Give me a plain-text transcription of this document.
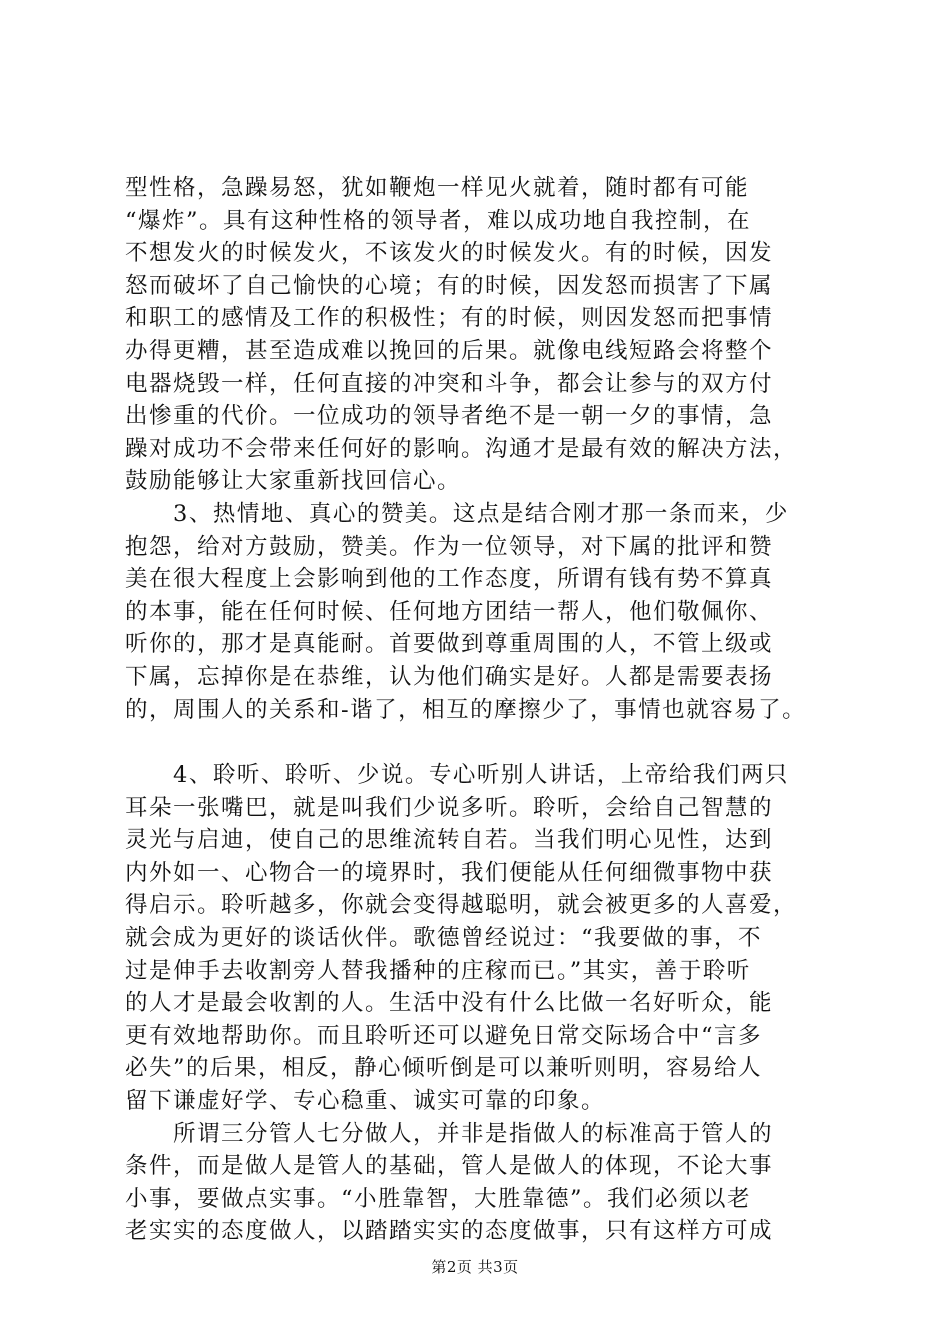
型性格，急躁易怒，犹如鞭炮一样见火就着，随时都有可能
“爆炸”。具有这种性格的领导者，难以成功地自我控制，在
不想发火的时候发火，不该发火的时候发火。有的时候，因发
怒而破坏了自己愉快的心境；有的时候，因发怒而损害了下属
和职工的感情及工作的积极性；有的时候，则因发怒而把事情
办得更糟，甚至造成难以挽回的后果。就像电线短路会将整个
电器烧毁一样，任何直接的冲突和斗争，都会让参与的双方付
出惨重的代价。一位成功的领导者绝不是一朝一夕的事情，急
躁对成功不会带来任何好的影响。沟通才是最有效的解决方法，
鼓励能够让大家重新找回信心。
　　3、热情地、真心的赞美。这点是结合刚才那一条而来，少
抱怨，给对方鼓励，赞美。作为一位领导，对下属的批评和赞
美在很大程度上会影响到他的工作态度，所谓有钱有势不算真
的本事，能在任何时候、任何地方团结一帮人，他们敬佩你、
听你的，那才是真能耐。首要做到尊重周围的人，不管上级或
下属，忘掉你是在恭维，认为他们确实是好。人都是需要表扬
的，周围人的关系和-谐了，相互的摩擦少了，事情也就容易了。
　　4、聆听、聆听、少说。专心听别人讲话，上帝给我们两只
耳朵一张嘴巴，就是叫我们少说多听。聆听，会给自己智慧的
灵光与启迪，使自己的思维流转自若。当我们明心见性，达到
内外如一、心物合一的境界时，我们便能从任何细微事物中获
得启示。聆听越多，你就会变得越聪明，就会被更多的人喜爱，
就会成为更好的谈话伙伴。歌德曾经说过：“我要做的事，不
过是伸手去收割旁人替我播种的庄稼而已。”其实，善于聆听
的人才是最会收割的人。生活中没有什么比做一名好听众，能
更有效地帮助你。而且聆听还可以避免日常交际场合中“言多
必失”的后果，相反，静心倾听倒是可以兼听则明，容易给人
留下谦虚好学、专心稳重、诚实可靠的印象。
　　所谓三分管人七分做人，并非是指做人的标准高于管人的
条件，而是做人是管人的基础，管人是做人的体现，不论大事
小事，要做点实事。“小胜靠智，大胜靠德”。我们必须以老
老实实的态度做人，以踏踏实实的态度做事，只有这样方可成
第2页 共3页
